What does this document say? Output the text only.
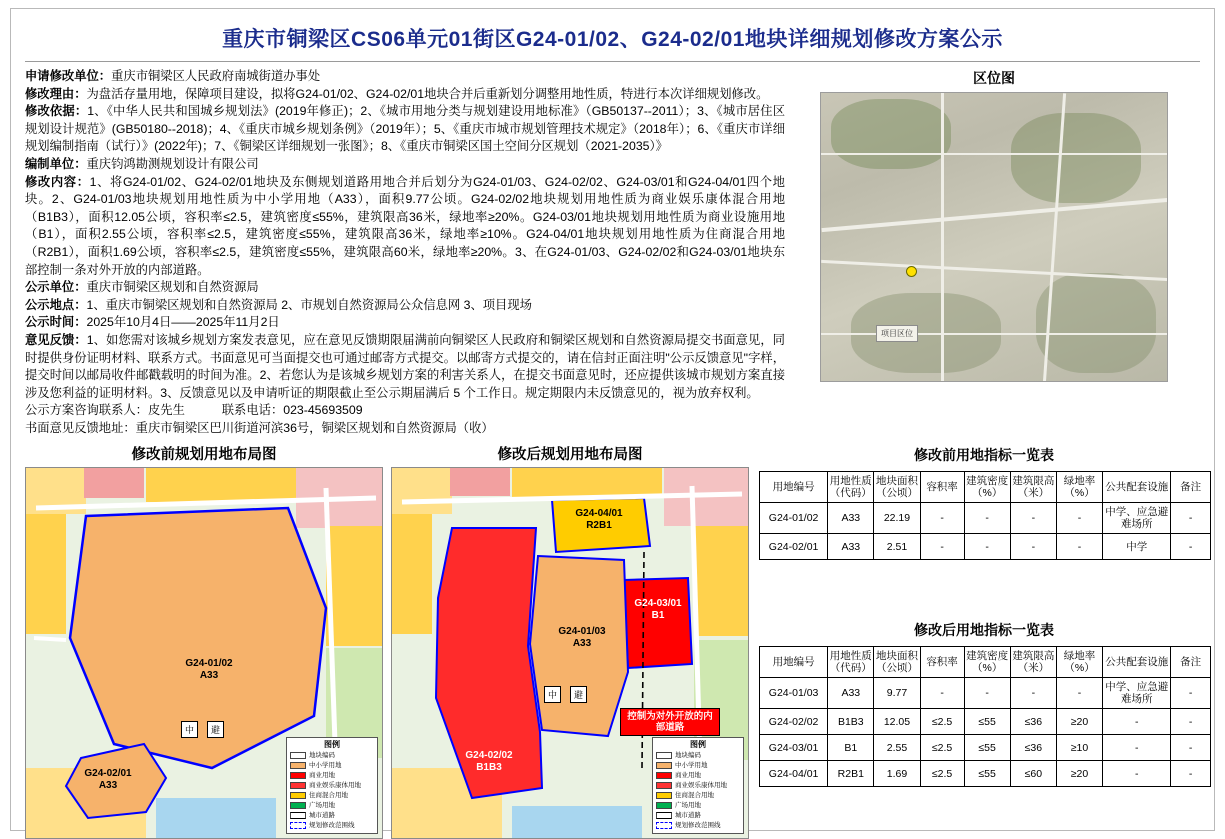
重庆市铜梁区CS06单元01街区G24-01/02、G24-02/01地块详细规划修改方案公示

申请修改单位：重庆市铜梁区人民政府南城街道办事处

修改理由：为盘活存量用地，保障项目建设，拟将G24-01/02、G24-02/01地块合并后重新划分调整用地性质，特进行本次详细规划修改。

修改依据：1、《中华人民共和国城乡规划法》(2019年修正)；2、《城市用地分类与规划建设用地标准》（GB50137--2011）；3、《城市居住区规划设计规范》(GB50180--2018)；4、《重庆市城乡规划条例》（2019年）；5、《重庆市城市规划管理技术规定》（2018年）；6、《重庆市详细规划编制指南（试行）》(2022年)；7、《铜梁区详细规划一张图》；8、《重庆市铜梁区国土空间分区规划（2021-2035）》

编制单位：重庆钧鸿勘测规划设计有限公司

修改内容：1、将G24-01/02、G24-02/01地块及东侧规划道路用地合并后划分为G24-01/03、G24-02/02、G24-03/01和G24-04/01四个地块。2、G24-01/03地块规划用地性质为中小学用地（A33），面积9.77公顷。G24-02/02地块规划用地性质为商业娱乐康体混合用地（B1B3），面积12.05公顷，容积率≤2.5，建筑密度≤55%，建筑限高36米，绿地率≥20%。G24-03/01地块规划用地性质为商业设施用地（B1），面积2.55公顷，容积率≤2.5，建筑密度≤55%，建筑限高36米，绿地率≥10%。G24-04/01地块规划用地性质为住商混合用地（R2B1），面积1.69公顷，容积率≤2.5，建筑密度≤55%，建筑限高60米，绿地率≥20%。3、在G24-01/03、G24-02/02和G24-03/01地块东部控制一条对外开放的内部道路。

公示单位：重庆市铜梁区规划和自然资源局

公示地点：1、重庆市铜梁区规划和自然资源局 2、市规划自然资源局公众信息网 3、项目现场

公示时间：2025年10月4日——2025年11月2日

意见反馈：1、如您需对该城乡规划方案发表意见，应在意见反馈期限届满前向铜梁区人民政府和铜梁区规划和自然资源局提交书面意见，同时提供身份证明材料、联系方式。书面意见可当面提交也可通过邮寄方式提交。以邮寄方式提交的，请在信封正面注明"公示反馈意见"字样，提交时间以邮局收件邮戳载明的时间为准。2、若您认为是该城乡规划方案的利害关系人，在提交书面意见时，还应提供该城市规划方案直接涉及您利益的证明材料。3、反馈意见以及申请听证的期限截止至公示期届满后 5 个工作日。规定期限内未反馈意见的，视为放弃权利。

公示方案咨询联系人：皮先生　　　联系电话：023-45693509

书面意见反馈地址：重庆市铜梁区巴川街道河滨36号，铜梁区规划和自然资源局（收）

区位图
项目区位
修改前规划用地布局图
G24-01/02
A33
G24-02/01
A33
中	避
图例
地块编码
中小学用地
商业用地
商业娱乐康体用地
住商混合用地
广场用地
城市道路
规划修改范围线
修改后规划用地布局图
G24-04/01
R2B1
G24-03/01
B1
G24-01/03
A33
G24-02/02
B1B3
中	避
控制为对外开放的内部道路
图例
地块编码
中小学用地
商业用地
商业娱乐康体用地
住商混合用地
广场用地
城市道路
规划修改范围线
修改前用地指标一览表
用地编号	用地性质（代码）	地块面积（公顷）	容积率	建筑密度（%）	建筑限高（米）	绿地率（%）	公共配套设施	备注
G24-01/02	A33	22.19	-	-	-	-	中学、应急避难场所	-
G24-02/01	A33	2.51	-	-	-	-	中学	-
修改后用地指标一览表
用地编号	用地性质（代码）	地块面积（公顷）	容积率	建筑密度（%）	建筑限高（米）	绿地率（%）	公共配套设施	备注
G24-01/03	A33	9.77	-	-	-	-	中学、应急避难场所	-
G24-02/02	B1B3	12.05	≤2.5	≤55	≤36	≥20	-	-
G24-03/01	B1	2.55	≤2.5	≤55	≤36	≥10	-	-
G24-04/01	R2B1	1.69	≤2.5	≤55	≤60	≥20	-	-
